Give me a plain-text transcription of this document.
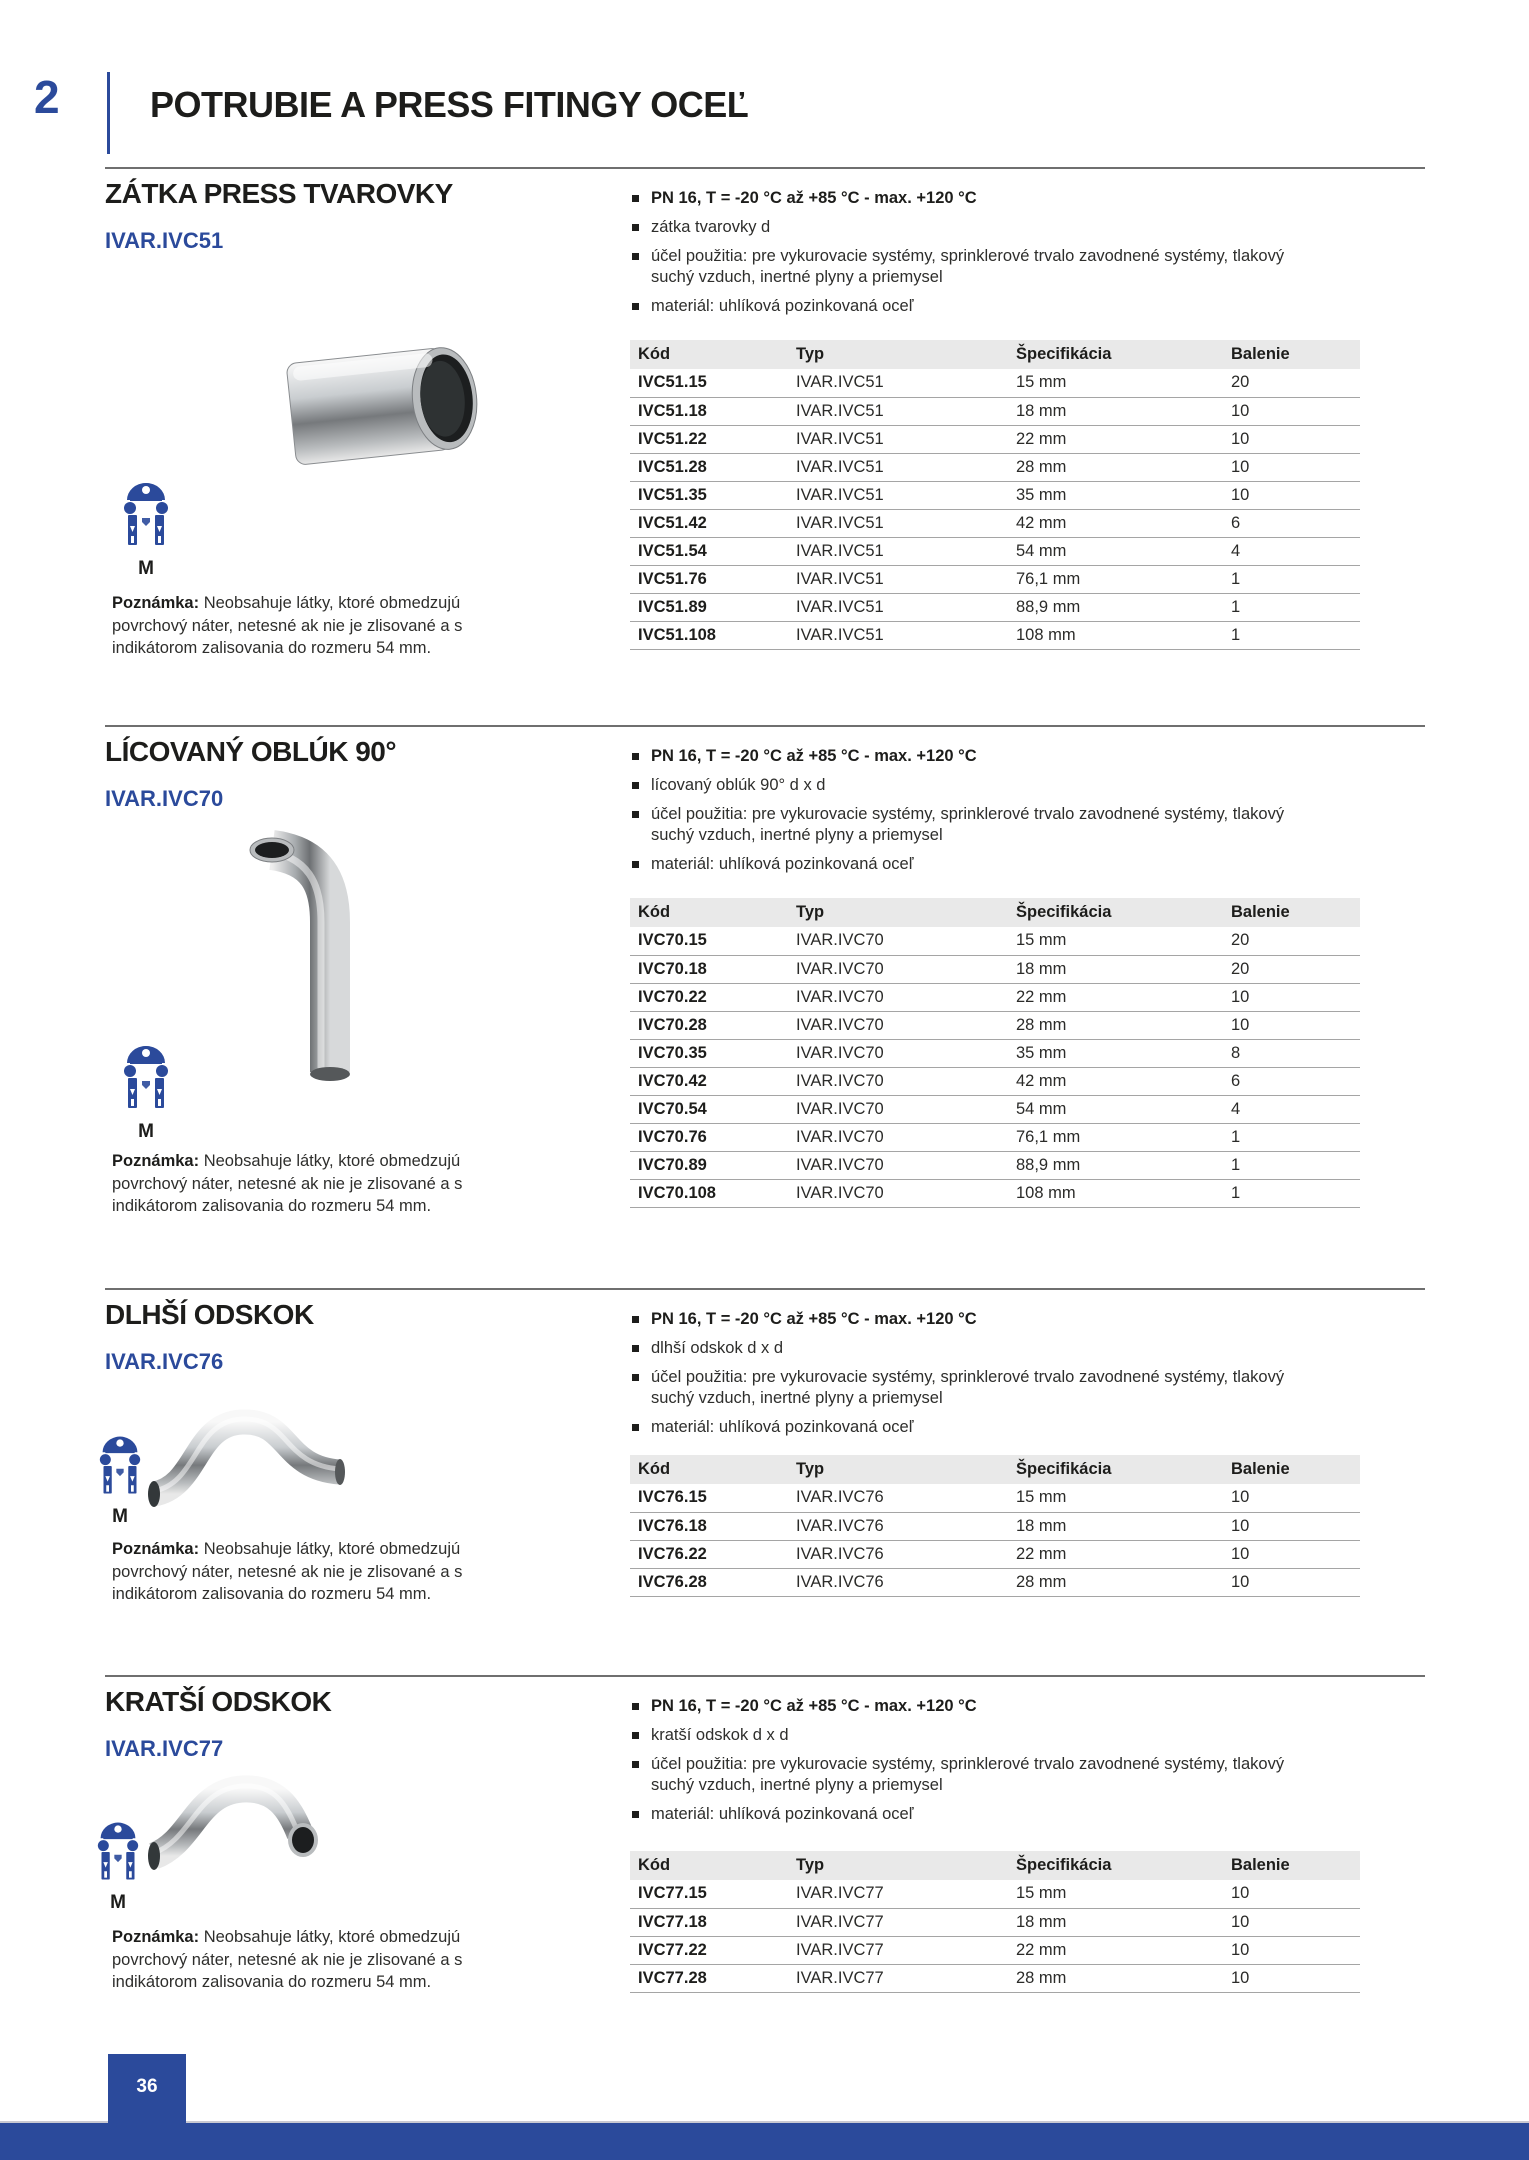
2	POTRUBIE A PRESS FITINGY OCEĽ
ZÁTKA PRESS TVAROVKY
IVAR.IVC51
PN 16, T = -20 °C až +85 °C - max. +120 °C
zátka tvarovky d
účel použitia: pre vykurovacie systémy, sprinklerové trvalo zavodnené systémy, tlakový suchý vzduch, inertné plyny a priemysel
materiál: uhlíková pozinkovaná oceľ
M
Kód	Typ	Špecifikácia	Balenie
IVC51.15	IVAR.IVC51	15 mm	20
IVC51.18	IVAR.IVC51	18 mm	10
IVC51.22	IVAR.IVC51	22 mm	10
IVC51.28	IVAR.IVC51	28 mm	10
IVC51.35	IVAR.IVC51	35 mm	10
IVC51.42	IVAR.IVC51	42 mm	6
IVC51.54	IVAR.IVC51	54 mm	4
IVC51.76	IVAR.IVC51	76,1 mm	1
IVC51.89	IVAR.IVC51	88,9 mm	1
IVC51.108	IVAR.IVC51	108 mm	1

Poznámka: Neobsahuje látky, ktoré obmedzujú povrchový náter, netesné ak nie je zlisované a s indikátorom zalisovania do rozmeru 54 mm.

LÍCOVANÝ OBLÚK 90°
IVAR.IVC70
PN 16, T = -20 °C až +85 °C - max. +120 °C
lícovaný oblúk 90° d x d
účel použitia: pre vykurovacie systémy, sprinklerové trvalo zavodnené systémy, tlakový suchý vzduch, inertné plyny a priemysel
materiál: uhlíková pozinkovaná oceľ
M
Kód	Typ	Špecifikácia	Balenie
IVC70.15	IVAR.IVC70	15 mm	20
IVC70.18	IVAR.IVC70	18 mm	20
IVC70.22	IVAR.IVC70	22 mm	10
IVC70.28	IVAR.IVC70	28 mm	10
IVC70.35	IVAR.IVC70	35 mm	8
IVC70.42	IVAR.IVC70	42 mm	6
IVC70.54	IVAR.IVC70	54 mm	4
IVC70.76	IVAR.IVC70	76,1 mm	1
IVC70.89	IVAR.IVC70	88,9 mm	1
IVC70.108	IVAR.IVC70	108 mm	1

Poznámka: Neobsahuje látky, ktoré obmedzujú povrchový náter, netesné ak nie je zlisované a s indikátorom zalisovania do rozmeru 54 mm.

DLHŠÍ ODSKOK
IVAR.IVC76
PN 16, T = -20 °C až +85 °C - max. +120 °C
dlhší odskok d x d
účel použitia: pre vykurovacie systémy, sprinklerové trvalo zavodnené systémy, tlakový suchý vzduch, inertné plyny a priemysel
materiál: uhlíková pozinkovaná oceľ
M
Kód	Typ	Špecifikácia	Balenie
IVC76.15	IVAR.IVC76	15 mm	10
IVC76.18	IVAR.IVC76	18 mm	10
IVC76.22	IVAR.IVC76	22 mm	10
IVC76.28	IVAR.IVC76	28 mm	10

Poznámka: Neobsahuje látky, ktoré obmedzujú povrchový náter, netesné ak nie je zlisované a s indikátorom zalisovania do rozmeru 54 mm.

KRATŠÍ ODSKOK
IVAR.IVC77
PN 16, T = -20 °C až +85 °C - max. +120 °C
kratší odskok d x d
účel použitia: pre vykurovacie systémy, sprinklerové trvalo zavodnené systémy, tlakový suchý vzduch, inertné plyny a priemysel
materiál: uhlíková pozinkovaná oceľ
M
Kód	Typ	Špecifikácia	Balenie
IVC77.15	IVAR.IVC77	15 mm	10
IVC77.18	IVAR.IVC77	18 mm	10
IVC77.22	IVAR.IVC77	22 mm	10
IVC77.28	IVAR.IVC77	28 mm	10

Poznámka: Neobsahuje látky, ktoré obmedzujú povrchový náter, netesné ak nie je zlisované a s indikátorom zalisovania do rozmeru 54 mm.

36
